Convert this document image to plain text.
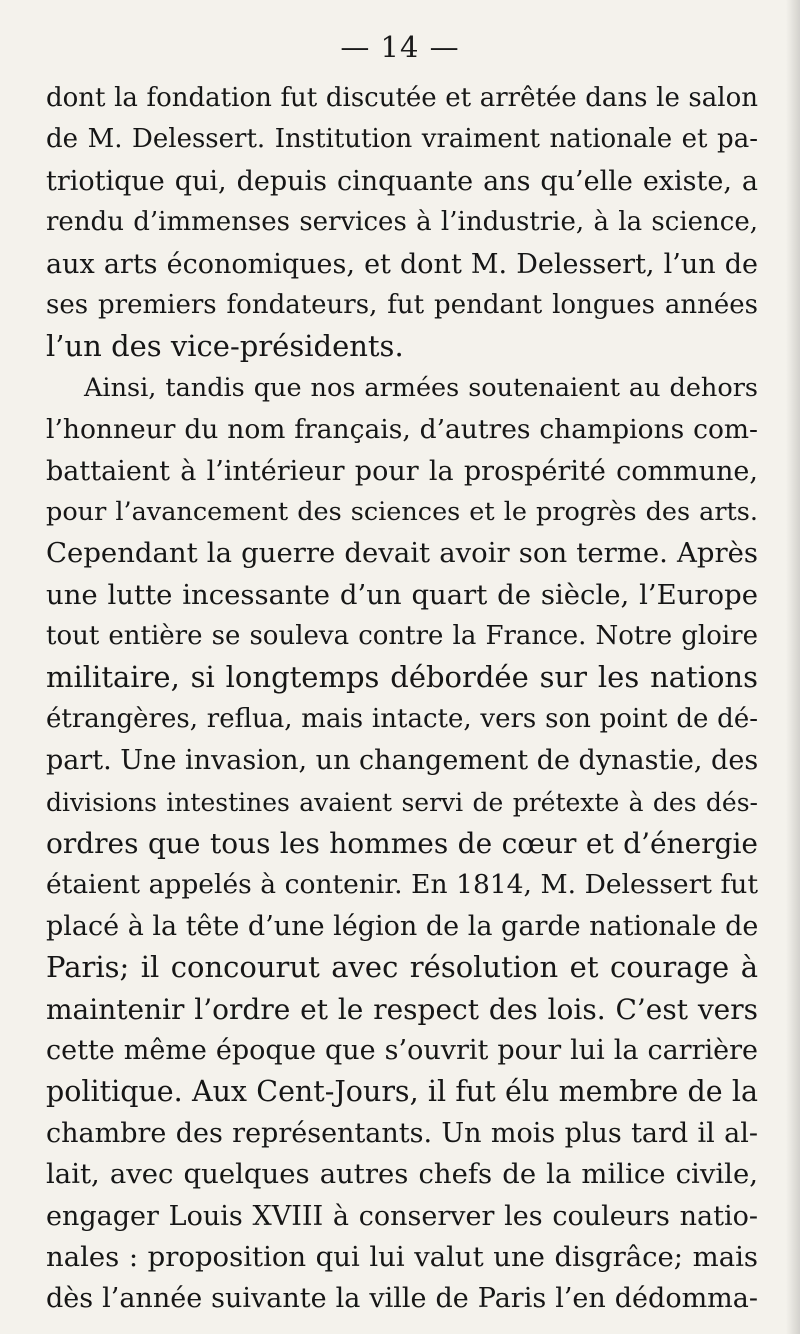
— 14 —
dont la fondation fut discutée et arrêtée dans le salon
de M. Delessert. Institution vraiment nationale et pa-
triotique qui, depuis cinquante ans qu’elle existe, a
rendu d’immenses services à l’industrie, à la science,
aux arts économiques, et dont M. Delessert, l’un de
ses premiers fondateurs, fut pendant longues années
l’un des vice-présidents.
Ainsi, tandis que nos armées soutenaient au dehors
l’honneur du nom français, d’autres champions com-
battaient à l’intérieur pour la prospérité commune,
pour l’avancement des sciences et le progrès des arts.
Cependant la guerre devait avoir son terme. Après
une lutte incessante d’un quart de siècle, l’Europe
tout entière se souleva contre la France. Notre gloire
militaire, si longtemps débordée sur les nations
étrangères, reflua, mais intacte, vers son point de dé-
part. Une invasion, un changement de dynastie, des
divisions intestines avaient servi de prétexte à des dés-
ordres que tous les hommes de cœur et d’énergie
étaient appelés à contenir. En 1814, M. Delessert fut
placé à la tête d’une légion de la garde nationale de
Paris; il concourut avec résolution et courage à
maintenir l’ordre et le respect des lois. C’est vers
cette même époque que s’ouvrit pour lui la carrière
politique. Aux Cent-Jours, il fut élu membre de la
chambre des représentants. Un mois plus tard il al-
lait, avec quelques autres chefs de la milice civile,
engager Louis XVIII à conserver les couleurs natio-
nales : proposition qui lui valut une disgrâce; mais
dès l’année suivante la ville de Paris l’en dédomma-
